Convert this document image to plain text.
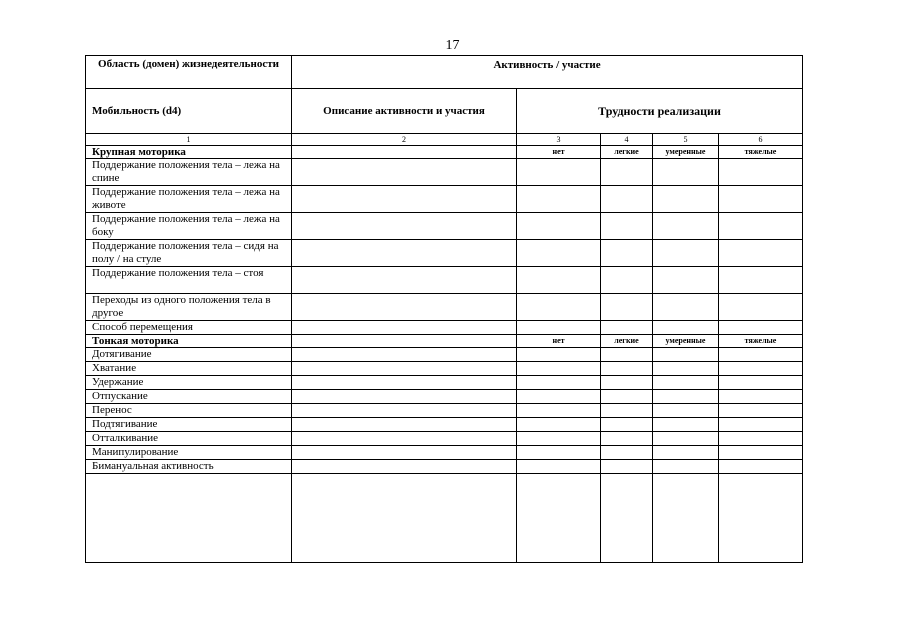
17
Область (домен) жизнедеятельности	Активность / участие				
Мобильность (d4)	Описание активности и участия	Трудности реализации			
1	2	3	4	5	6
Крупная моторика		нет	легкие	умеренные	тяжелые
Поддержание положения тела – лежа на спине					
Поддержание положения тела – лежа на животе					
Поддержание положения тела – лежа на боку					
Поддержание положения тела – сидя на полу / на стуле					
Поддержание положения тела – стоя					
Переходы из одного положения тела в другое					
Способ перемещения					
Тонкая моторика		нет	легкие	умеренные	тяжелые
Дотягивание					
Хватание					
Удержание					
Отпускание					
Перенос					
Подтягивание					
Отталкивание					
Манипулирование					
Бимануальная активность					
